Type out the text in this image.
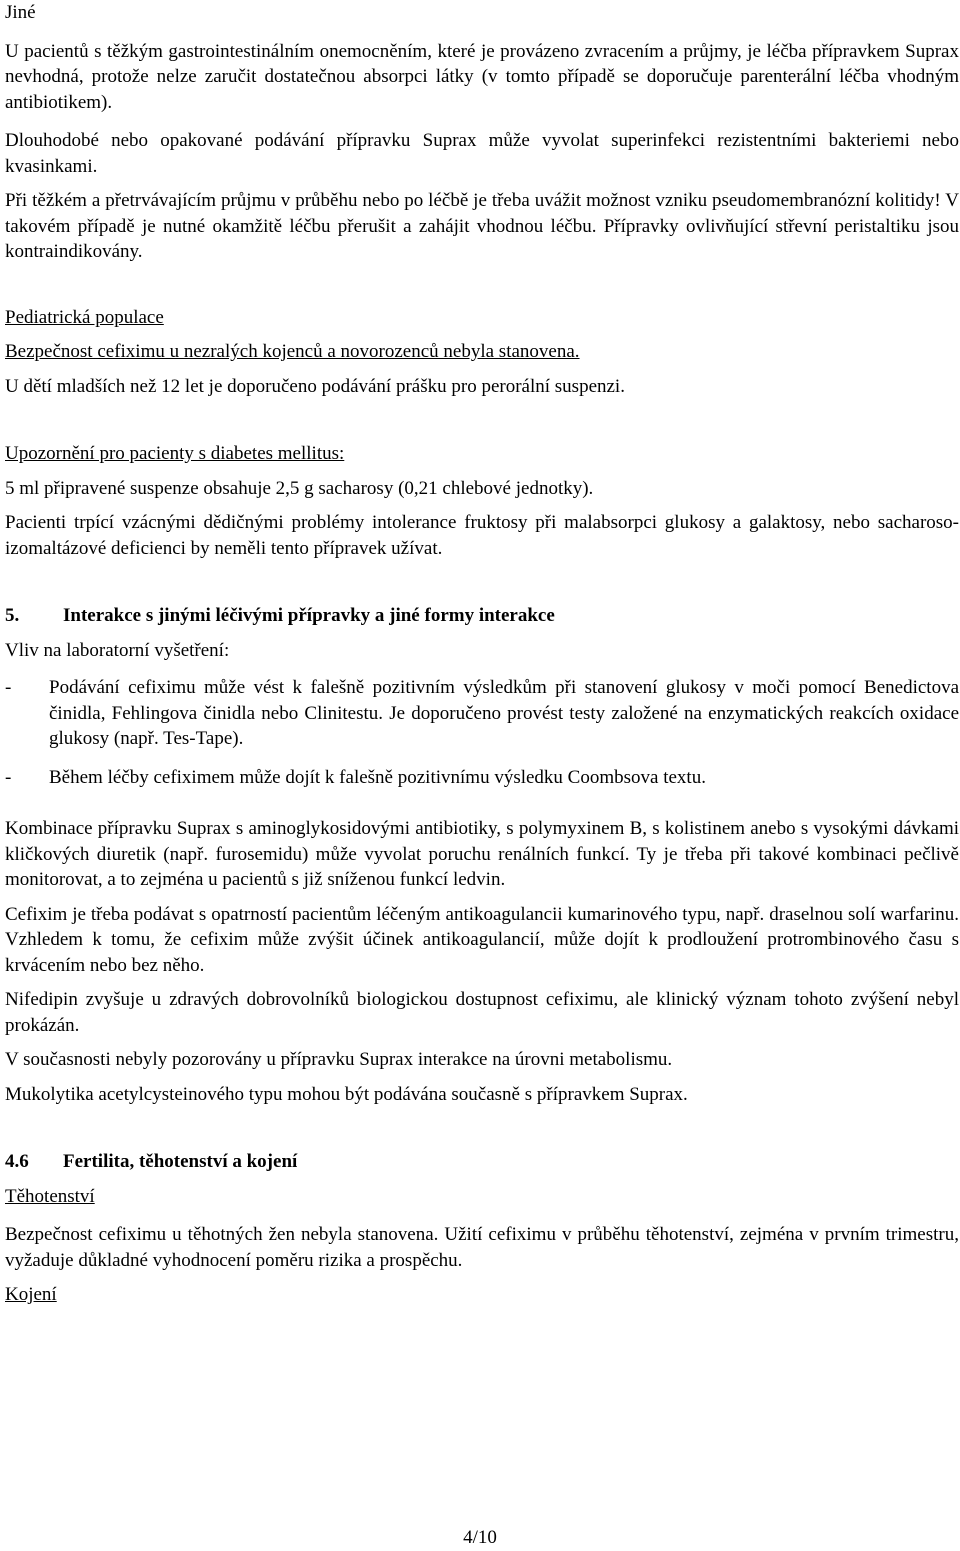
Jiné

U pacientů s těžkým gastrointestinálním onemocněním, které je provázeno zvracením a průjmy, je léčba přípravkem Suprax nevhodná, protože nelze zaručit dostatečnou absorpci látky (v tomto případě se doporučuje parenterální léčba vhodným antibiotikem).

Dlouhodobé nebo opakované podávání přípravku Suprax může vyvolat superinfekci rezistentními bakteriemi nebo kvasinkami.

Při těžkém a přetrvávajícím průjmu v průběhu nebo po léčbě je třeba uvážit možnost vzniku pseudomembranózní kolitidy! V takovém případě je nutné okamžitě léčbu přerušit a zahájit vhodnou léčbu. Přípravky ovlivňující střevní peristaltiku jsou kontraindikovány.

Pediatrická populace

Bezpečnost cefiximu u nezralých kojenců a novorozenců nebyla stanovena.

U dětí mladších než 12 let je doporučeno podávání prášku pro perorální suspenzi.

Upozornění pro pacienty s diabetes mellitus:

5 ml připravené suspenze obsahuje 2,5 g sacharosy (0,21 chlebové jednotky).

Pacienti trpící vzácnými dědičnými problémy intolerance fruktosy při malabsorpci glukosy a galaktosy, nebo sacharoso-izomaltázové deficienci by neměli tento přípravek užívat.

5.	Interakce s jinými léčivými přípravky a jiné formy interakce

Vliv na laboratorní vyšetření:

-	Podávání cefiximu může vést k falešně pozitivním výsledkům při stanovení glukosy v moči pomocí Benedictova činidla, Fehlingova činidla nebo Clinitestu. Je doporučeno provést testy založené na enzymatických reakcích oxidace glukosy (např. Tes-Tape).
-	Během léčby cefiximem může dojít k falešně pozitivnímu výsledku Coombsova textu.

Kombinace přípravku Suprax s aminoglykosidovými antibiotiky, s polymyxinem B, s kolistinem anebo s vysokými dávkami kličkových diuretik (např. furosemidu) může vyvolat poruchu renálních funkcí. Ty je třeba při takové kombinaci pečlivě monitorovat, a to zejména u pacientů s již sníženou funkcí ledvin.

Cefixim je třeba podávat s opatrností pacientům léčeným antikoagulancii kumarinového typu, např. draselnou solí warfarinu. Vzhledem k tomu, že cefixim může zvýšit účinek antikoagulancií, může dojít k prodloužení protrombinového času s krvácením nebo bez něho.

Nifedipin zvyšuje u zdravých dobrovolníků biologickou dostupnost cefiximu, ale klinický význam tohoto zvýšení nebyl prokázán.

V současnosti nebyly pozorovány u přípravku Suprax interakce na úrovni metabolismu.

Mukolytika acetylcysteinového typu mohou být podávána současně s přípravkem Suprax.

4.6	Fertilita, těhotenství a kojení

Těhotenství

Bezpečnost cefiximu u těhotných žen nebyla stanovena. Užití cefiximu v průběhu těhotenství, zejména v prvním trimestru, vyžaduje důkladné vyhodnocení poměru rizika a prospěchu.

Kojení

4/10
